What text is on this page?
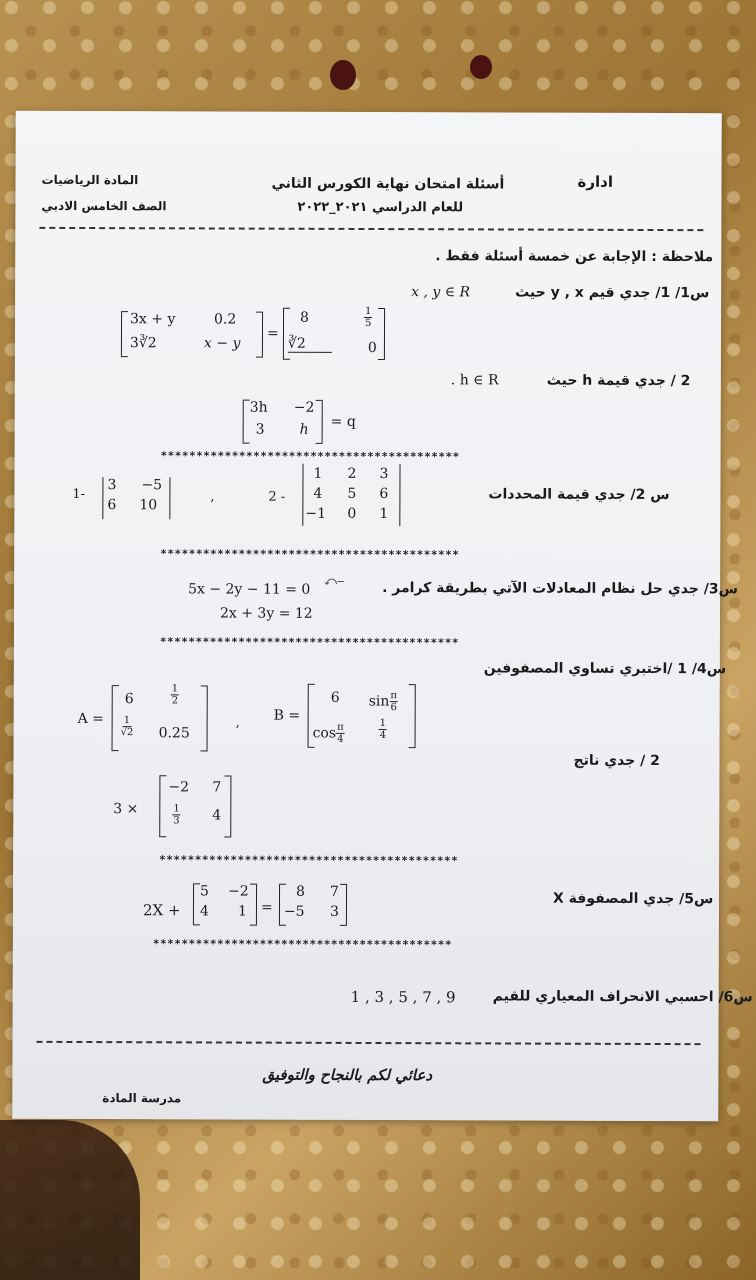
ادارة
أسئلة امتحان نهاية الكورس الثاني
للعام الدراسي ٢٠٢١_٢٠٢٢
المادة الرياضيات
الصف الخامس الادبي
ملاحظة : الإجابة عن خمسة أسئلة فقط .
س1/ 1/ جدي قيم y , x حيث
x , y ∈ R
3x + y	0.2
3∛2	x − y
=
8	$\frac{1}{5}$
∛2	0
2 / جدي قيمة h حيث
. h ∈ R
3h −2
3	h = q
******************************************
س 2/ جدي قيمة المحددات
1-
3 −5
6 10
,	2 -
1 2 3
4 5 6
−1 0 1
******************************************
س3/ جدي حل نظام المعادلات الآتي بطريقة كرامر .
5x − 2y − 11 = 0
⤺‒
2x + 3y = 12
******************************************
س4/ 1 /اختبري تساوي المصفوفين
A =
6	$\frac{1}{2}$
$\frac{1}{√2} 0.25$
, B =
6 $\sin \frac{\pi}{6}$
$\cos \frac{\pi}{4}$	$\frac{1}{4}$
2 / جدي ناتج
3 ×
−2 7
$\frac{1}{3} 4$
******************************************
س5/ جدي المصفوفة X
2X +
5 −2
4 1 =
8 7
−5 3
******************************************
س6/ احسبي الانحراف المعياري للقيم
1 , 3 , 5 , 7 , 9
دعائي لكم بالنجاح والتوفيق
مدرسة المادة
